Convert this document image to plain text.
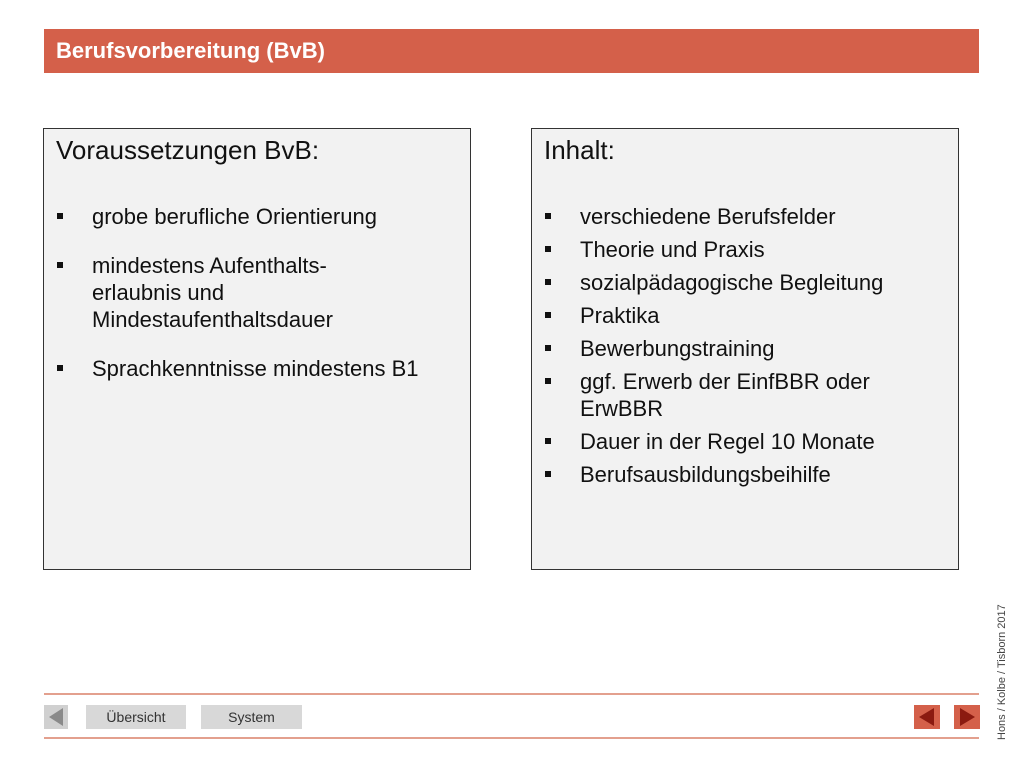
Berufsvorbereitung (BvB)
Voraussetzungen BvB:
grobe berufliche Orientierung
mindestens Aufenthalts-
erlaubnis und
Mindestaufenthaltsdauer
Sprachkenntnisse mindestens B1
Inhalt:
verschiedene Berufsfelder
Theorie und Praxis
sozialpädagogische Begleitung
Praktika
Bewerbungstraining
ggf. Erwerb der EinfBBR oder ErwBBR
Dauer in der Regel 10 Monate
Berufsausbildungsbeihilfe
Übersicht	System	Hons / Kolbe / Tisborn 2017
